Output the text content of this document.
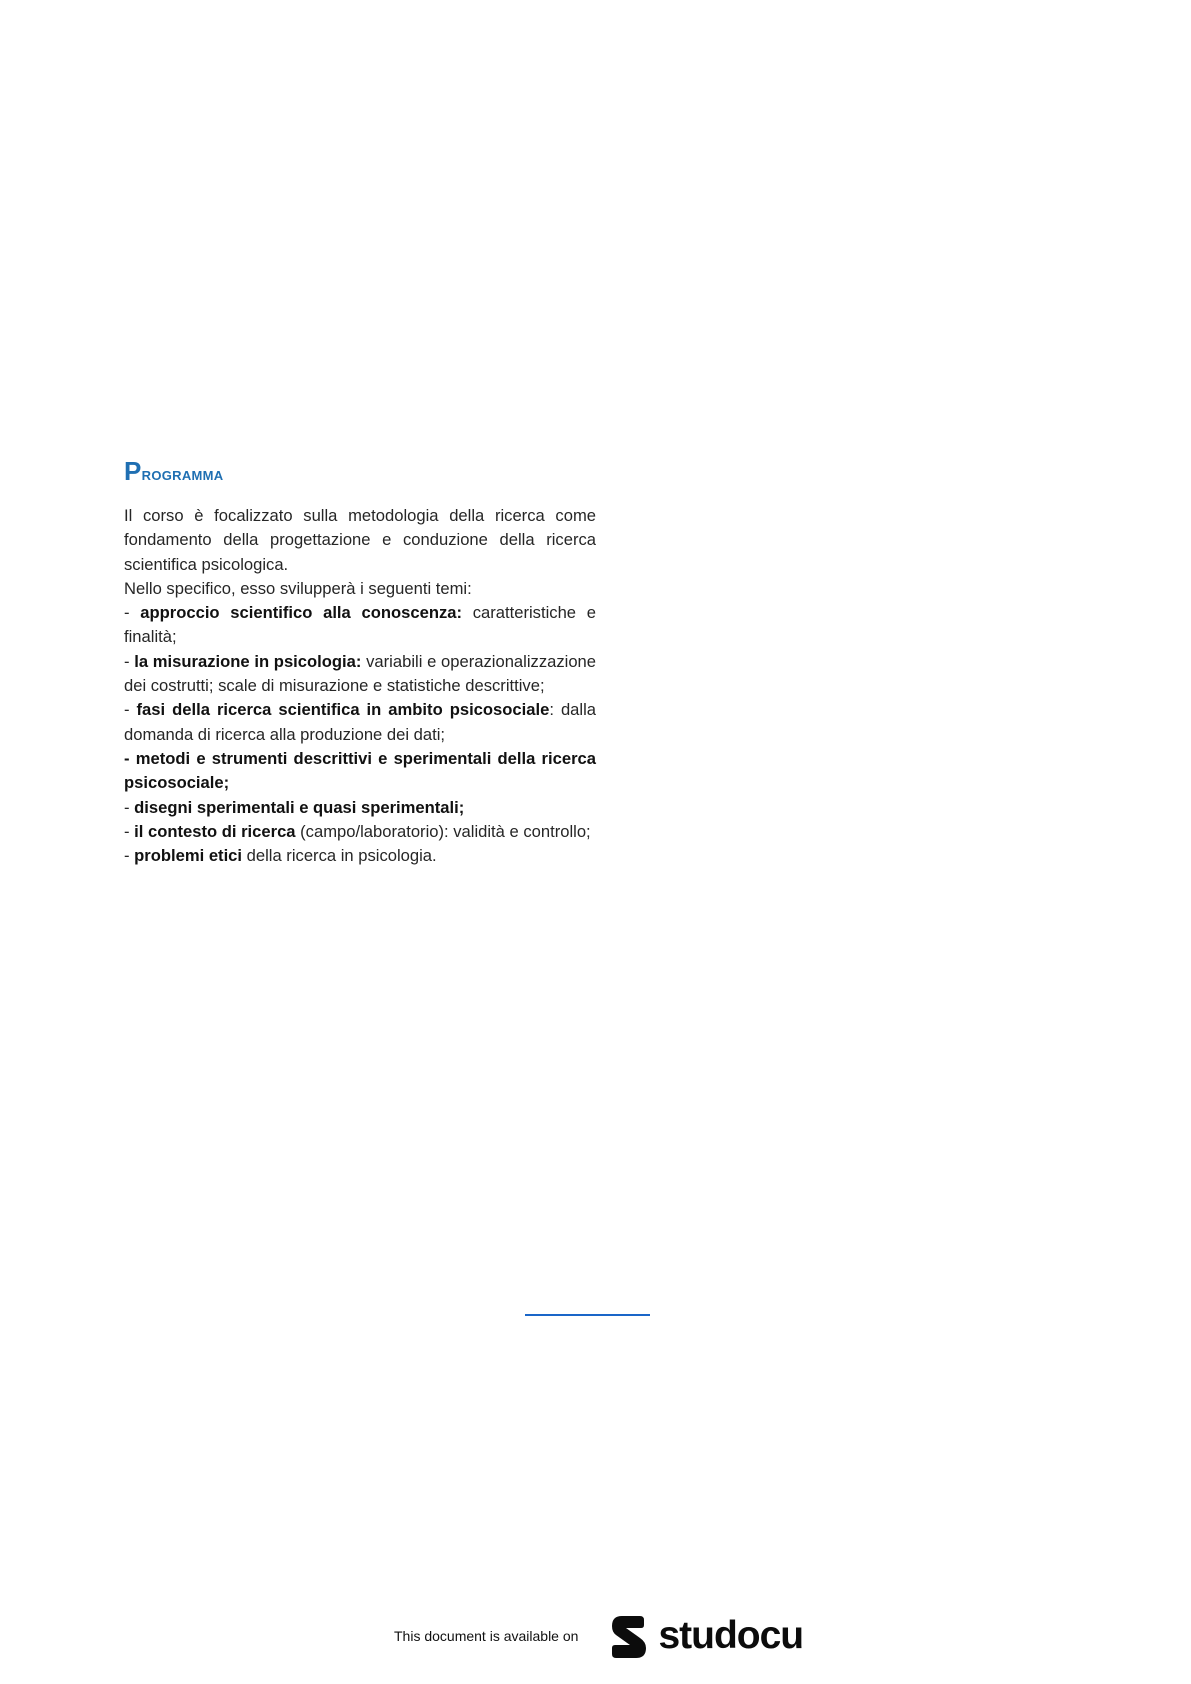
Programma

Il corso è focalizzato sulla metodologia della ricerca come fondamento della progettazione e conduzione della ricerca scientifica psicologica.

Nello specifico, esso svilupperà i seguenti temi:

- approccio scientifico alla conoscenza: caratteristiche e finalità;

- la misurazione in psicologia: variabili e operazionalizzazione dei costrutti; scale di misurazione e statistiche descrittive;

- fasi della ricerca scientifica in ambito psicosociale: dalla domanda di ricerca alla produzione dei dati;

- metodi e strumenti descrittivi e sperimentali della ricerca psicosociale;

- disegni sperimentali e quasi sperimentali;

- il contesto di ricerca (campo/laboratorio): validità e controllo;

- problemi etici della ricerca in psicologia.

This document is available on studocu
